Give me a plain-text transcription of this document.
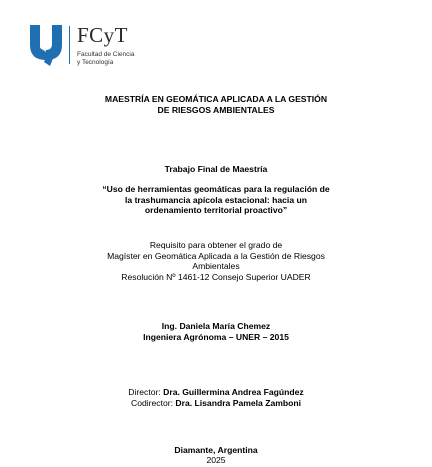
FCyT
Facultad de Ciencia
y Tecnología
MAESTRÍA EN GEOMÁTICA APLICADA A LA GESTIÓN
DE RIESGOS AMBIENTALES
Trabajo Final de Maestría
“Uso de herramientas geomáticas para la regulación de
la trashumancia apícola estacional: hacia un
ordenamiento territorial proactivo”
Requisito para obtener el grado de
Magíster en Geomática Aplicada a la Gestión de Riesgos
Ambientales
Resolución Nº 1461-12 Consejo Superior UADER
Ing. Daniela María Chemez
Ingeniera Agrónoma – UNER – 2015
Director: Dra. Guillermina Andrea Fagúndez
Codirector: Dra. Lisandra Pamela Zamboni
Diamante, Argentina
2025
